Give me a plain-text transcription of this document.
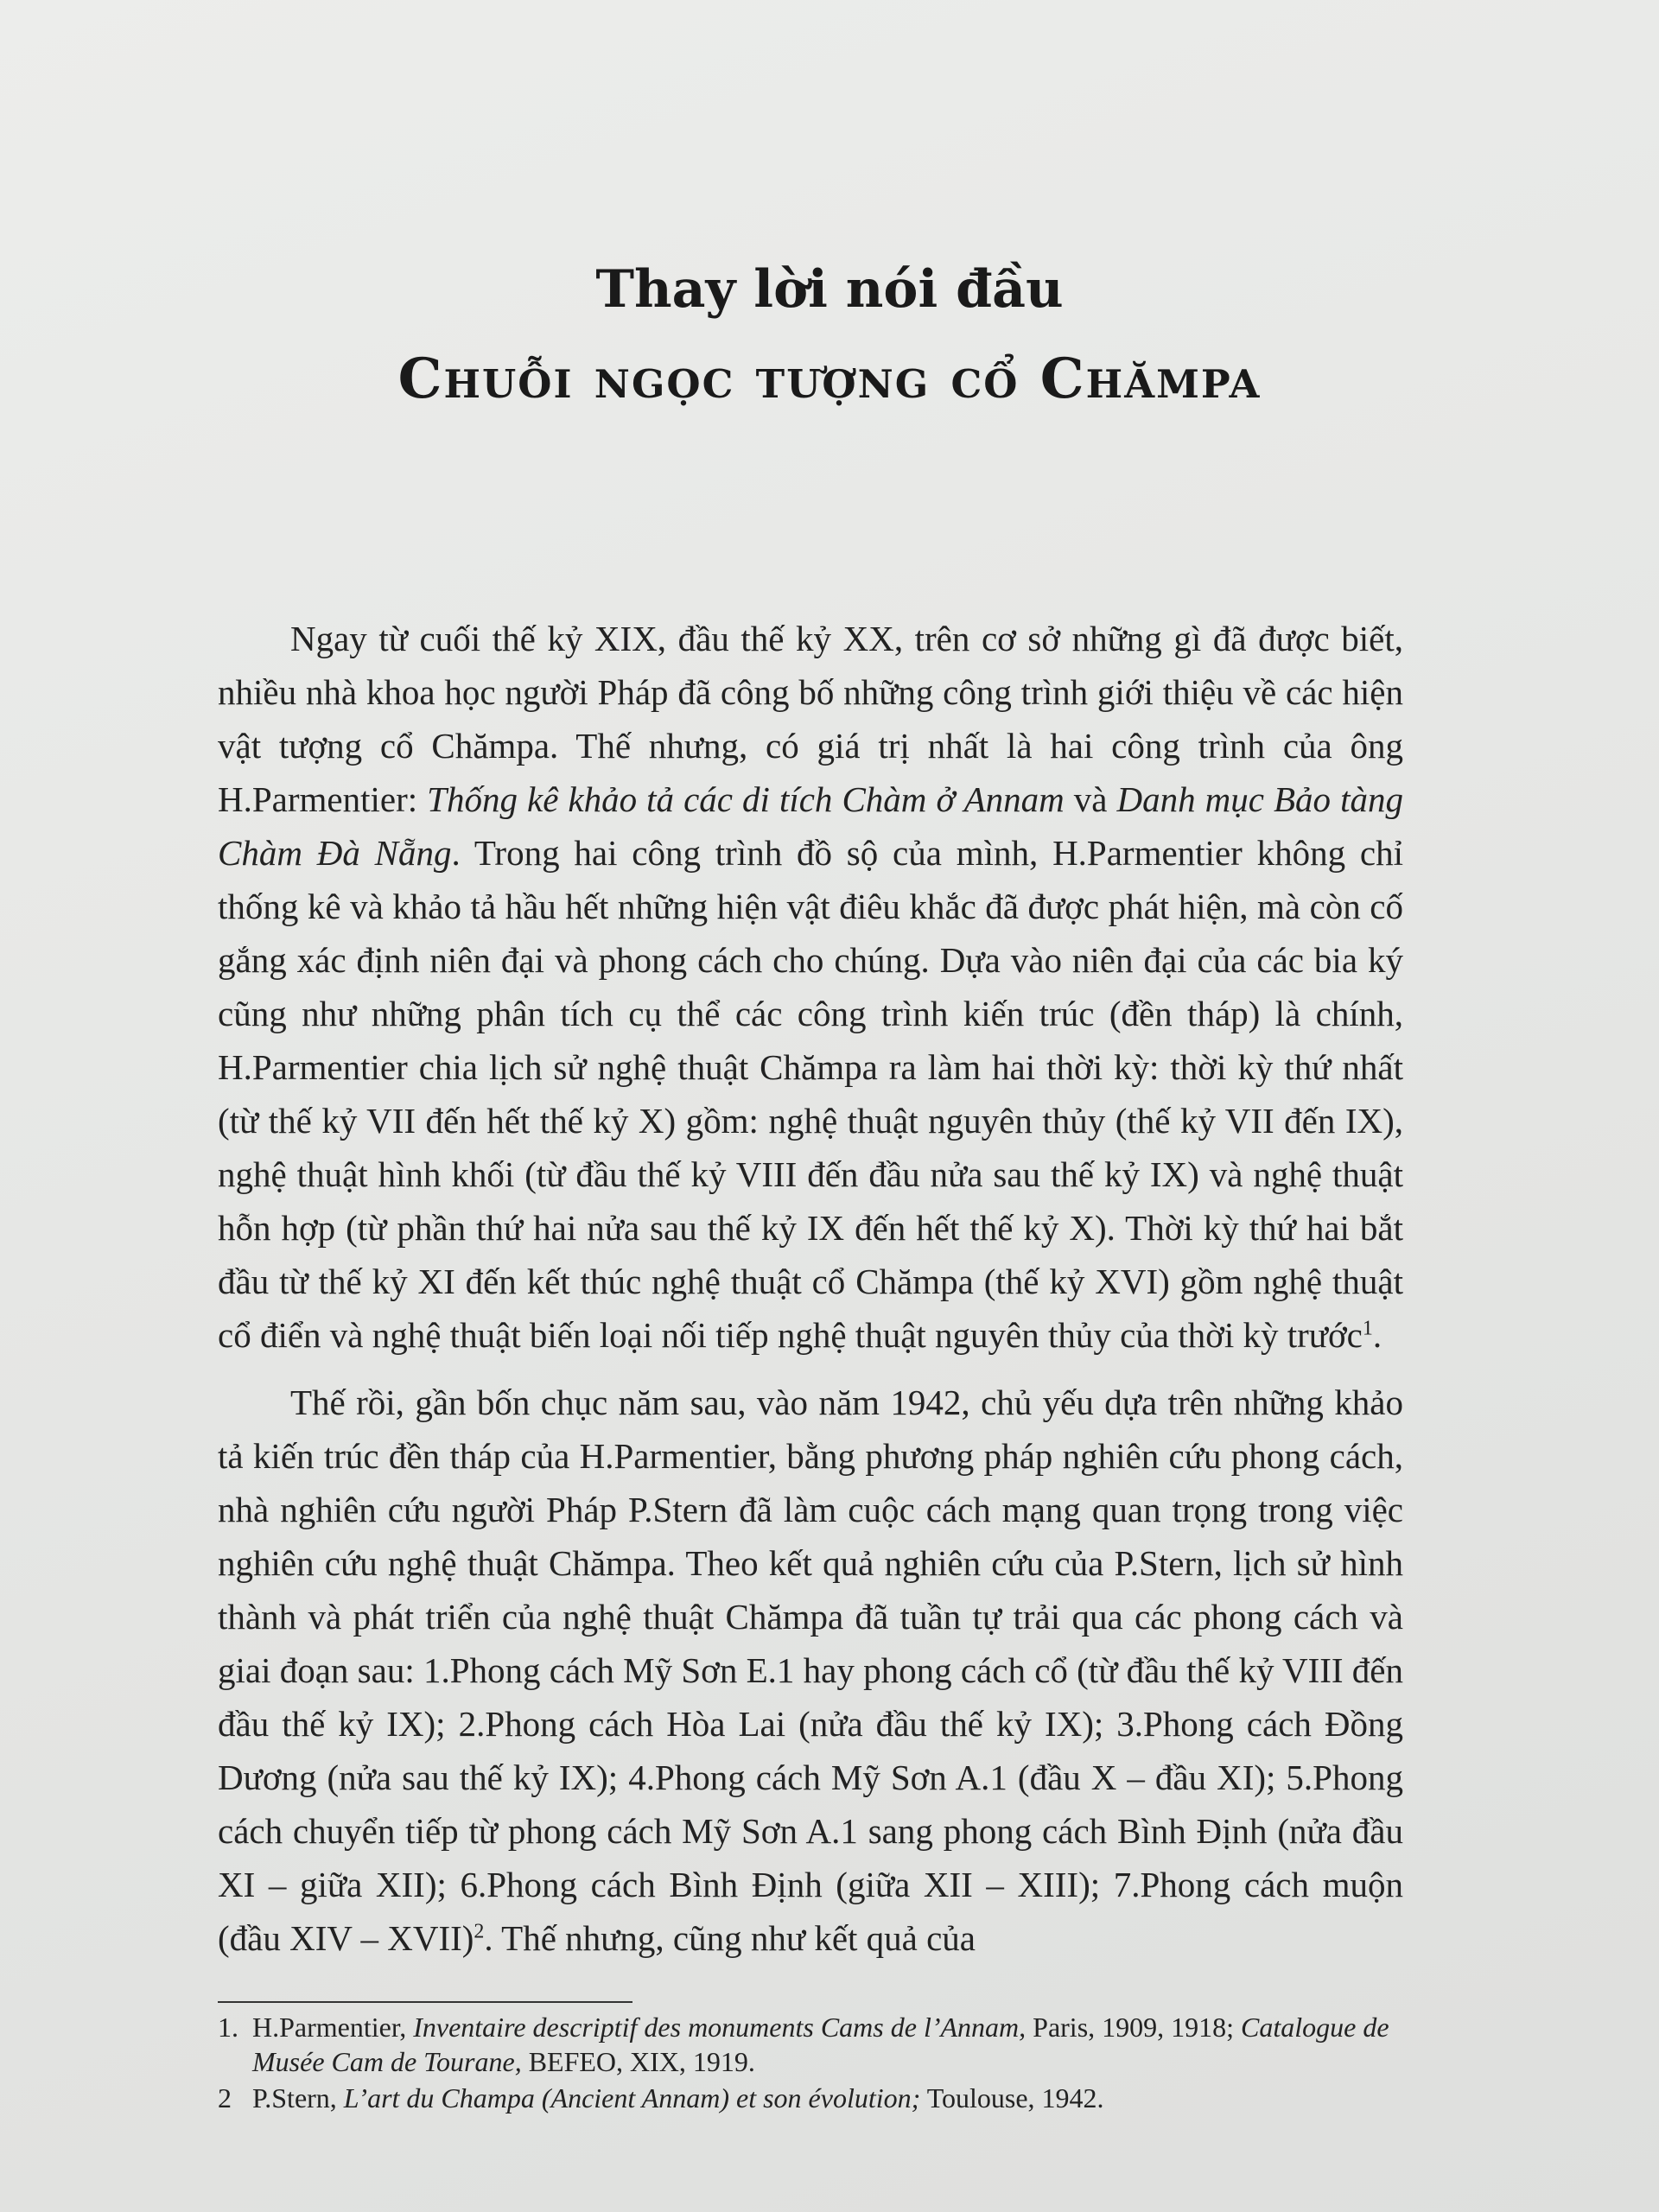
Thay lời nói đầu
Chuỗi ngọc tượng cổ Chămpa

Ngay từ cuối thế kỷ XIX, đầu thế kỷ XX, trên cơ sở những gì đã được biết, nhiều nhà khoa học người Pháp đã công bố những công trình giới thiệu về các hiện vật tượng cổ Chămpa. Thế nhưng, có giá trị nhất là hai công trình của ông H.Parmentier: Thống kê khảo tả các di tích Chàm ở Annam và Danh mục Bảo tàng Chàm Đà Nẵng. Trong hai công trình đồ sộ của mình, H.Parmentier không chỉ thống kê và khảo tả hầu hết những hiện vật điêu khắc đã được phát hiện, mà còn cố gắng xác định niên đại và phong cách cho chúng. Dựa vào niên đại của các bia ký cũng như những phân tích cụ thể các công trình kiến trúc (đền tháp) là chính, H.Parmentier chia lịch sử nghệ thuật Chămpa ra làm hai thời kỳ: thời kỳ thứ nhất (từ thế kỷ VII đến hết thế kỷ X) gồm: nghệ thuật nguyên thủy (thế kỷ VII đến IX), nghệ thuật hình khối (từ đầu thế kỷ VIII đến đầu nửa sau thế kỷ IX) và nghệ thuật hỗn hợp (từ phần thứ hai nửa sau thế kỷ IX đến hết thế kỷ X). Thời kỳ thứ hai bắt đầu từ thế kỷ XI đến kết thúc nghệ thuật cổ Chămpa (thế kỷ XVI) gồm nghệ thuật cổ điển và nghệ thuật biến loại nối tiếp nghệ thuật nguyên thủy của thời kỳ trước$^1$.

Thế rồi, gần bốn chục năm sau, vào năm 1942, chủ yếu dựa trên những khảo tả kiến trúc đền tháp của H.Parmentier, bằng phương pháp nghiên cứu phong cách, nhà nghiên cứu người Pháp P.Stern đã làm cuộc cách mạng quan trọng trong việc nghiên cứu nghệ thuật Chămpa. Theo kết quả nghiên cứu của P.Stern, lịch sử hình thành và phát triển của nghệ thuật Chămpa đã tuần tự trải qua các phong cách và giai đoạn sau: 1.Phong cách Mỹ Sơn E.1 hay phong cách cổ (từ đầu thế kỷ VIII đến đầu thế kỷ IX); 2.Phong cách Hòa Lai (nửa đầu thế kỷ IX); 3.Phong cách Đồng Dương (nửa sau thế kỷ IX); 4.Phong cách Mỹ Sơn A.1 (đầu X – đầu XI); 5.Phong cách chuyển tiếp từ phong cách Mỹ Sơn A.1 sang phong cách Bình Định (nửa đầu XI – giữa XII); 6.Phong cách Bình Định (giữa XII – XIII); 7.Phong cách muộn (đầu XIV – XVII)$^2$. Thế nhưng, cũng như kết quả của

1. H.Parmentier, Inventaire descriptif des monuments Cams de l’Annam, Paris, 1909, 1918; Catalogue de Musée Cam de Tourane, BEFEO, XIX, 1919.
2 P.Stern, L’art du Champa (Ancient Annam) et son évolution; Toulouse, 1942.
